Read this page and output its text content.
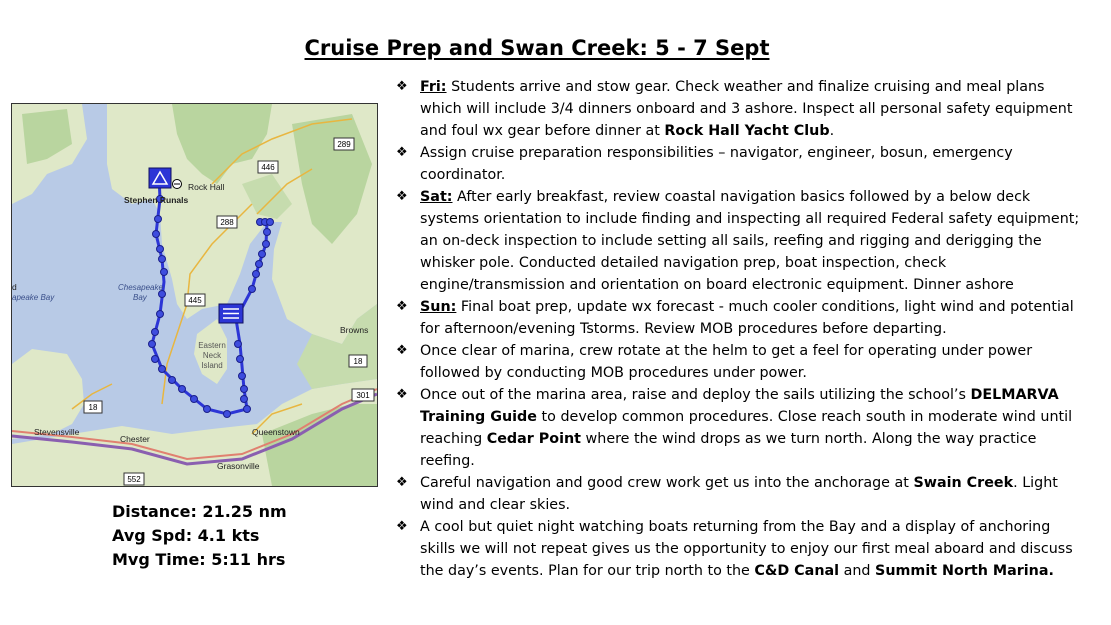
Cruise Prep and Swan Creek: 5 - 7 Sept
289
446
288
445
18
301
18
552
Rock Hall
Stephen Runals
Browns
Queenstown
Stevensville
Chester
Grasonville
d
apeake Bay
Chesapeake
Bay
Eastern
Neck
Island
Distance: 21.25 nm
Avg Spd: 4.1 kts
Mvg Time: 5:11 hrs
❖ Fri: Students arrive and stow gear. Check weather and finalize cruising and meal plans which will include 3/4 dinners onboard and 3 ashore. Inspect all personal safety equipment and foul wx gear before dinner at Rock Hall Yacht Club.
❖ Assign cruise preparation responsibilities – navigator, engineer, bosun, emergency coordinator.
❖ Sat: After early breakfast, review coastal navigation basics followed by a below deck systems orientation to include finding and inspecting all required Federal safety equipment; an on-deck inspection to include setting all sails, reefing and rigging and derigging the whisker pole. Conducted detailed navigation prep, boat inspection, check engine/transmission and orientation on board electronic equipment. Dinner ashore
❖ Sun: Final boat prep, update wx forecast - much cooler conditions, light wind and potential for afternoon/evening Tstorms. Review MOB procedures before departing.
❖ Once clear of marina, crew rotate at the helm to get a feel for operating under power followed by conducting MOB procedures under power.
❖ Once out of the marina area, raise and deploy the sails utilizing the school’s DELMARVA Training Guide to develop common procedures. Close reach south in moderate wind until reaching Cedar Point where the wind drops as we turn north. Along the way practice reefing.
❖ Careful navigation and good crew work get us into the anchorage at Swain Creek. Light wind and clear skies.
❖ A cool but quiet night watching boats returning from the Bay and a display of anchoring skills we will not repeat gives us the opportunity to enjoy our first meal aboard and discuss the day’s events. Plan for our trip north to the C&D Canal and Summit North Marina.
